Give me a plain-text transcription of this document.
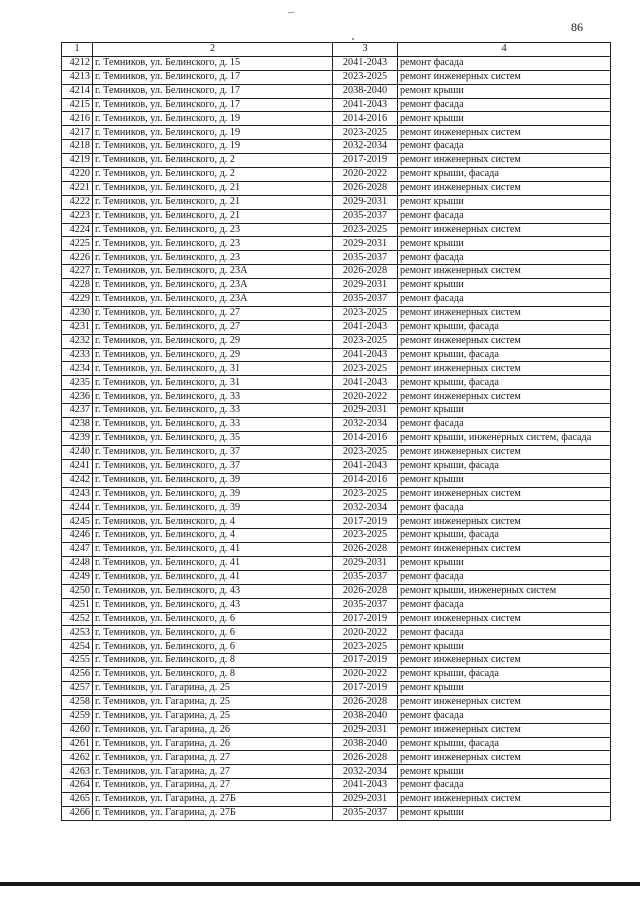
86
1	2	3	4
4212	г. Темников, ул. Белинского, д. 15	2041-2043	ремонт фасада
4213	г. Темников, ул. Белинского, д. 17	2023-2025	ремонт инженерных систем
4214	г. Темников, ул. Белинского, д. 17	2038-2040	ремонт крыши
4215	г. Темников, ул. Белинского, д. 17	2041-2043	ремонт фасада
4216	г. Темников, ул. Белинского, д. 19	2014-2016	ремонт крыши
4217	г. Темников, ул. Белинского, д. 19	2023-2025	ремонт инженерных систем
4218	г. Темников, ул. Белинского, д. 19	2032-2034	ремонт фасада
4219	г. Темников, ул. Белинского, д. 2	2017-2019	ремонт инженерных систем
4220	г. Темников, ул. Белинского, д. 2	2020-2022	ремонт крыши, фасада
4221	г. Темников, ул. Белинского, д. 21	2026-2028	ремонт инженерных систем
4222	г. Темников, ул. Белинского, д. 21	2029-2031	ремонт крыши
4223	г. Темников, ул. Белинского, д. 21	2035-2037	ремонт фасада
4224	г. Темников, ул. Белинского, д. 23	2023-2025	ремонт инженерных систем
4225	г. Темников, ул. Белинского, д. 23	2029-2031	ремонт крыши
4226	г. Темников, ул. Белинского, д. 23	2035-2037	ремонт фасада
4227	г. Темников, ул. Белинского, д. 23А	2026-2028	ремонт инженерных систем
4228	г. Темников, ул. Белинского, д. 23А	2029-2031	ремонт крыши
4229	г. Темников, ул. Белинского, д. 23А	2035-2037	ремонт фасада
4230	г. Темников, ул. Белинского, д. 27	2023-2025	ремонт инженерных систем
4231	г. Темников, ул. Белинского, д. 27	2041-2043	ремонт крыши, фасада
4232	г. Темников, ул. Белинского, д. 29	2023-2025	ремонт инженерных систем
4233	г. Темников, ул. Белинского, д. 29	2041-2043	ремонт крыши, фасада
4234	г. Темников, ул. Белинского, д. 31	2023-2025	ремонт инженерных систем
4235	г. Темников, ул. Белинского, д. 31	2041-2043	ремонт крыши, фасада
4236	г. Темников, ул. Белинского, д. 33	2020-2022	ремонт инженерных систем
4237	г. Темников, ул. Белинского, д. 33	2029-2031	ремонт крыши
4238	г. Темников, ул. Белинского, д. 33	2032-2034	ремонт фасада
4239	г. Темников, ул. Белинского, д. 35	2014-2016	ремонт крыши, инженерных систем, фасада
4240	г. Темников, ул. Белинского, д. 37	2023-2025	ремонт инженерных систем
4241	г. Темников, ул. Белинского, д. 37	2041-2043	ремонт крыши, фасада
4242	г. Темников, ул. Белинского, д. 39	2014-2016	ремонт крыши
4243	г. Темников, ул. Белинского, д. 39	2023-2025	ремонт инженерных систем
4244	г. Темников, ул. Белинского, д. 39	2032-2034	ремонт фасада
4245	г. Темников, ул. Белинского, д. 4	2017-2019	ремонт инженерных систем
4246	г. Темников, ул. Белинского, д. 4	2023-2025	ремонт крыши, фасада
4247	г. Темников, ул. Белинского, д. 41	2026-2028	ремонт инженерных систем
4248	г. Темников, ул. Белинского, д. 41	2029-2031	ремонт крыши
4249	г. Темников, ул. Белинского, д. 41	2035-2037	ремонт фасада
4250	г. Темников, ул. Белинского, д. 43	2026-2028	ремонт крыши, инженерных систем
4251	г. Темников, ул. Белинского, д. 43	2035-2037	ремонт фасада
4252	г. Темников, ул. Белинского, д. 6	2017-2019	ремонт инженерных систем
4253	г. Темников, ул. Белинского, д. 6	2020-2022	ремонт фасада
4254	г. Темников, ул. Белинского, д. 6	2023-2025	ремонт крыши
4255	г. Темников, ул. Белинского, д. 8	2017-2019	ремонт инженерных систем
4256	г. Темников, ул. Белинского, д. 8	2020-2022	ремонт крыши, фасада
4257	г. Темников, ул. Гагарина, д. 25	2017-2019	ремонт крыши
4258	г. Темников, ул. Гагарина, д. 25	2026-2028	ремонт инженерных систем
4259	г. Темников, ул. Гагарина, д. 25	2038-2040	ремонт фасада
4260	г. Темников, ул. Гагарина, д. 26	2029-2031	ремонт инженерных систем
4261	г. Темников, ул. Гагарина, д. 26	2038-2040	ремонт крыши, фасада
4262	г. Темников, ул. Гагарина, д. 27	2026-2028	ремонт инженерных систем
4263	г. Темников, ул. Гагарина, д. 27	2032-2034	ремонт крыши
4264	г. Темников, ул. Гагарина, д. 27	2041-2043	ремонт фасада
4265	г. Темников, ул. Гагарина, д. 27Б	2029-2031	ремонт инженерных систем
4266	г. Темников, ул. Гагарина, д. 27Б	2035-2037	ремонт крыши
